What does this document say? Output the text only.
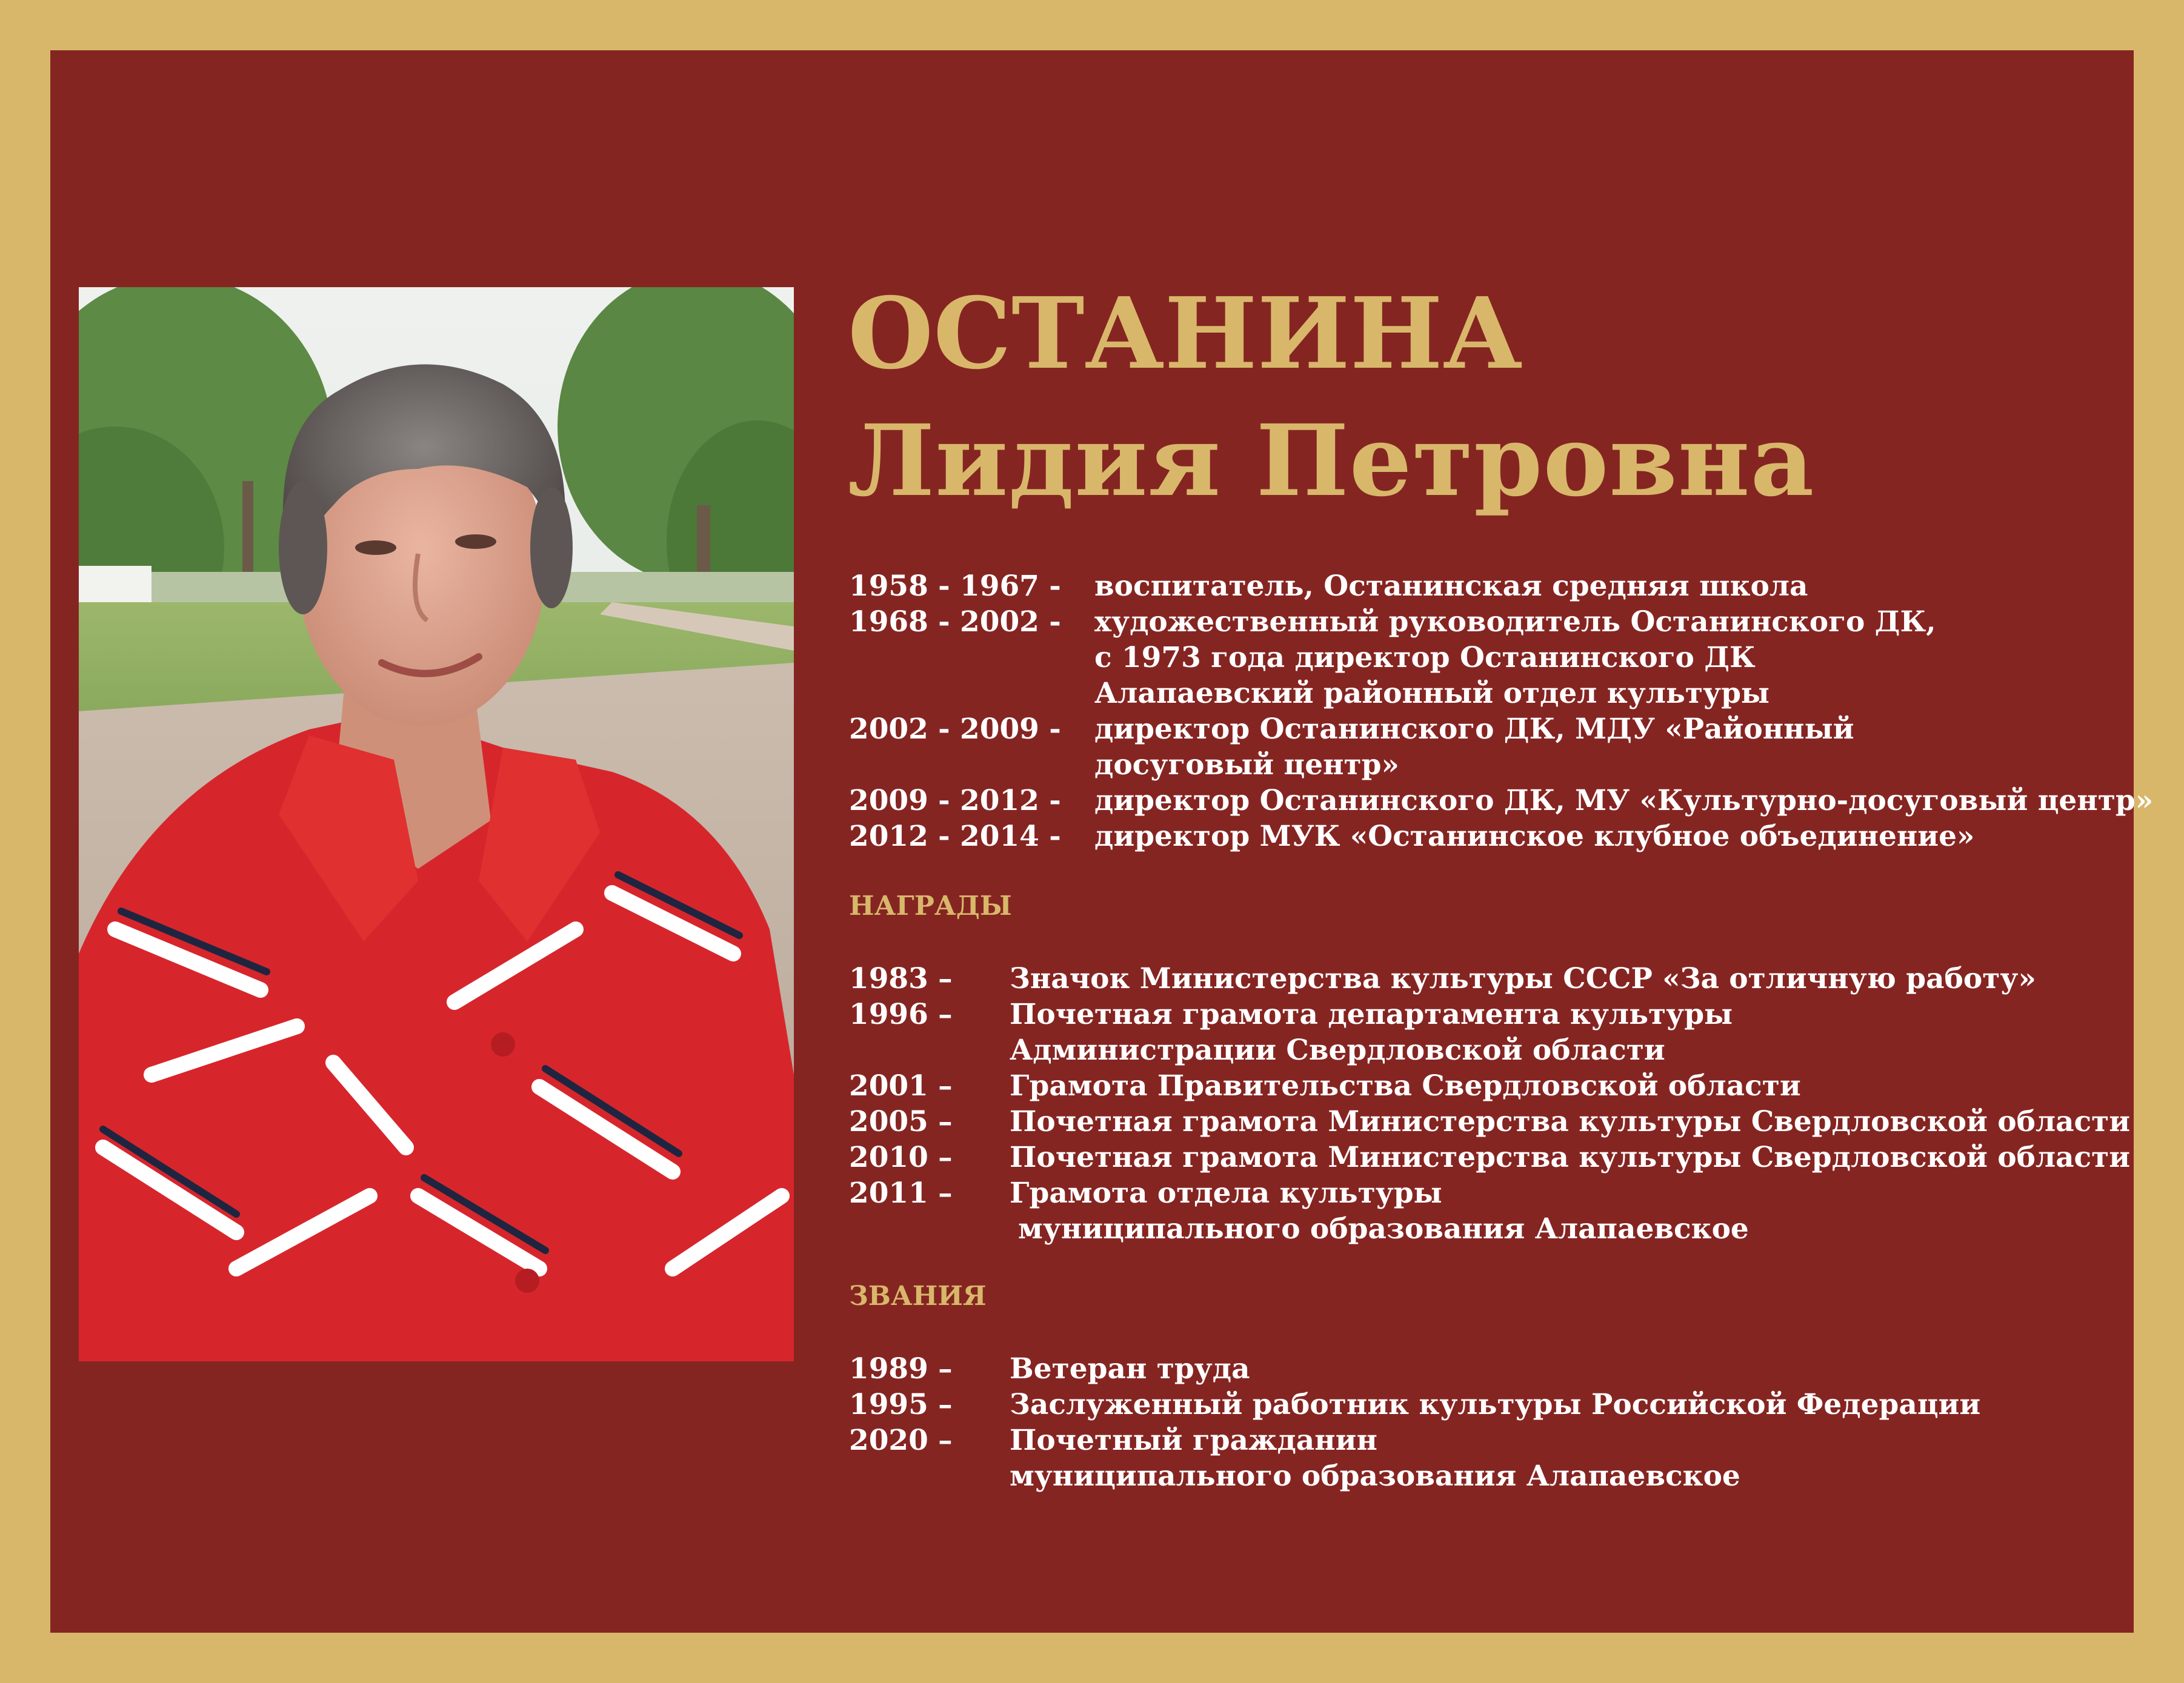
ОСТАНИНА
Лидия Петровна
1958 - 1967 - воспитатель, Останинская средняя школа
1968 - 2002 - художественный руководитель Останинского ДК,
с 1973 года директор Останинского ДК
Алапаевский районный отдел культуры
2002 - 2009 - директор Останинского ДК, МДУ «Районный
досуговый центр»
2009 - 2012 - директор Останинского ДК, МУ «Культурно-досуговый центр»
2012 - 2014 - директор МУК «Останинское клубное объединение»
НАГРАДЫ
1983 – Значок Министерства культуры СССР «За отличную работу»
1996 – Почетная грамота департамента культуры
Администрации Свердловской области
2001 – Грамота Правительства Свердловской области
2005 – Почетная грамота Министерства культуры Свердловской области
2010 – Почетная грамота Министерства культуры Свердловской области
2011 – Грамота отдела культуры
муниципального образования Алапаевское
ЗВАНИЯ
1989 – Ветеран труда
1995 – Заслуженный работник культуры Российской Федерации
2020 – Почетный гражданин
муниципального образования Алапаевское
